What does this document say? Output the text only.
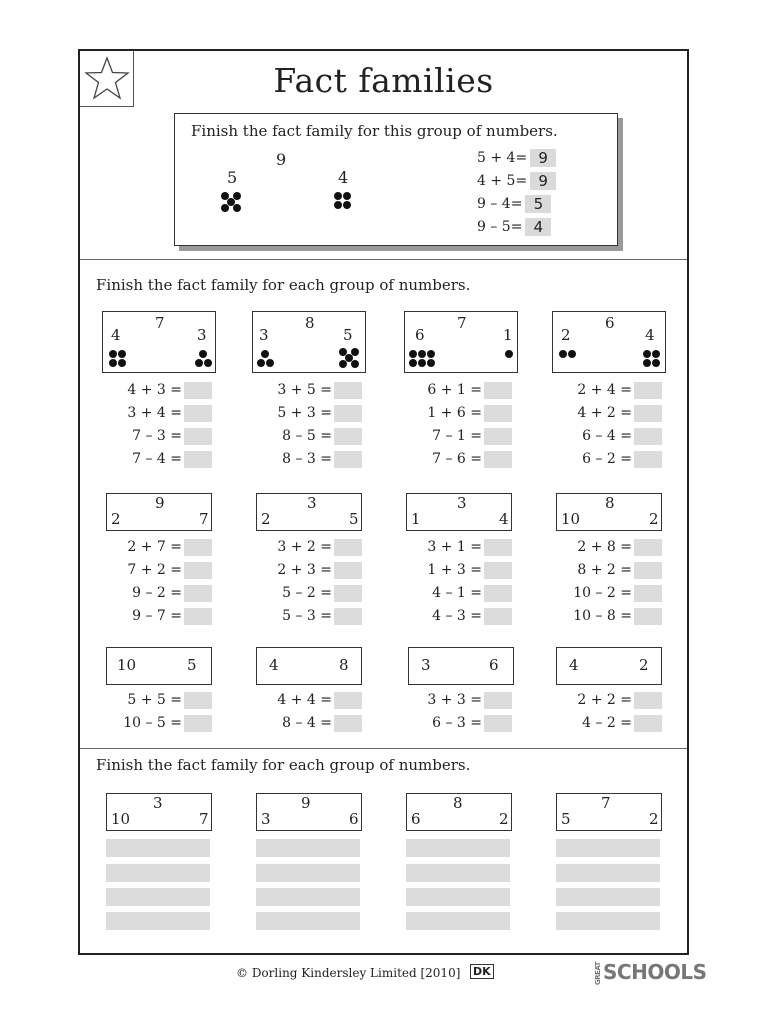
Fact families
Finish the fact family for this group of numbers.
9
5	4
5 + 4= 9
4 + 5= 9
9 – 4= 5
9 – 5= 4
Finish the fact family for each group of numbers.
7
4	3
8
3	5
7
6	1
6
2	4
4 + 3 =
3 + 4 =
7 – 3 =
7 – 4 =
3 + 5 =
5 + 3 =
8 – 5 =
8 – 3 =
6 + 1 =
1 + 6 =
7 – 1 =
7 – 6 =
2 + 4 =
4 + 2 =
6 – 4 =
6 – 2 =
9
2	7
3
2	5
3
1	4
8
10	2
2 + 7 =
7 + 2 =
9 – 2 =
9 – 7 =
3 + 2 =
2 + 3 =
5 – 2 =
5 – 3 =
3 + 1 =
1 + 3 =
4 – 1 =
4 – 3 =
2 + 8 =
8 + 2 =
10 – 2 =
10 – 8 =
10	5	4	8	3	6	4	2
5 + 5 =
10 – 5 =
4 + 4 =
8 – 4 =
3 + 3 =
6 – 3 =
2 + 2 =
4 – 2 =
Finish the fact family for each group of numbers.
3
10	7
9
3	6
8
6	2
7
5	2
© Dorling Kindersley Limited [2010] DK	GREATSCHOOLS
